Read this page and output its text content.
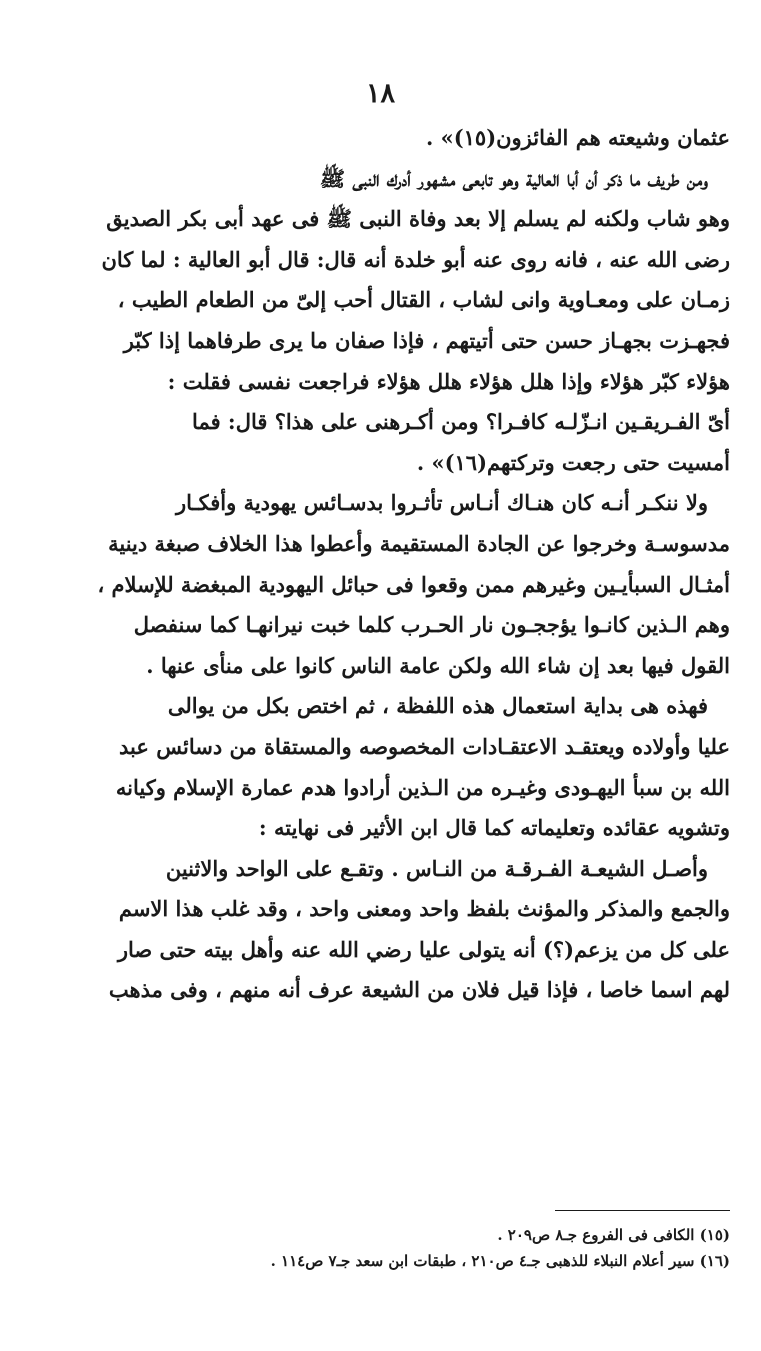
١٨
عثمان وشيعته هم الفائزون(١٥)» .
ومن طريف ما ذكر أن أبا العالية وهو تابعى مشهور أدرك النبى ﷺ
وهو شاب ولكنه لم يسلم إلا بعد وفاة النبى ﷺ فى عهد أبى بكر الصديق
رضى الله عنه ، فانه روى عنه أبو خلدة أنه قال: قال أبو العالية : لما كان
زمـان على ومعـاوية وانى لشاب ، القتال أحب إلىّ من الطعام الطيب ،
فجهـزت بجهـاز حسن حتى أتيتهم ، فإذا صفان ما يرى طرفاهما إذا كبّر
هؤلاء كبّر هؤلاء وإذا هلل هؤلاء هلل هؤلاء فراجعت نفسى فقلت :
أىّ الفـريقـين انـزّلـه كافـرا؟ ومن أكـرهنى على هذا؟ قال: فما
أمسيت حتى رجعت وتركتهم(١٦)» .
ولا ننكـر أنـه كان هنـاك أنـاس تأثـروا بدسـائس يهودية وأفكـار
مدسوسـة وخرجوا عن الجادة المستقيمة وأعطوا هذا الخلاف صبغة دينية
أمثـال السبأيـين وغيرهم ممن وقعوا فى حبائل اليهودية المبغضة للإسلام ،
وهم الـذين كانـوا يؤججـون نار الحـرب كلما خبت نيرانهـا كما سنفصل
القول فيها بعد إن شاء الله ولكن عامة الناس كانوا على منأى عنها .
فهذه هى بداية استعمال هذه اللفظة ، ثم اختص بكل من يوالى
عليا وأولاده ويعتقـد الاعتقـادات المخصوصه والمستقاة من دسائس عبد
الله بن سبأ اليهـودى وغيـره من الـذين أرادوا هدم عمارة الإسلام وكيانه
وتشويه عقائده وتعليماته كما قال ابن الأثير فى نهايته :
وأصـل الشيعـة الفـرقـة من النـاس . وتقـع على الواحد والاثنين
والجمع والمذكر والمؤنث بلفظ واحد ومعنى واحد ، وقد غلب هذا الاسم
على كل من يزعم(؟) أنه يتولى عليا رضي الله عنه وأهل بيته حتى صار
لهم اسما خاصا ، فإذا قيل فلان من الشيعة عرف أنه منهم ، وفى مذهب
(١٥) الكافى فى الفروع جـ٨ ص٢٠٩ .
(١٦) سير أعلام النبلاء للذهبى جـ٤ ص٢١٠ ، طبقات ابن سعد جـ٧ ص١١٤ .
